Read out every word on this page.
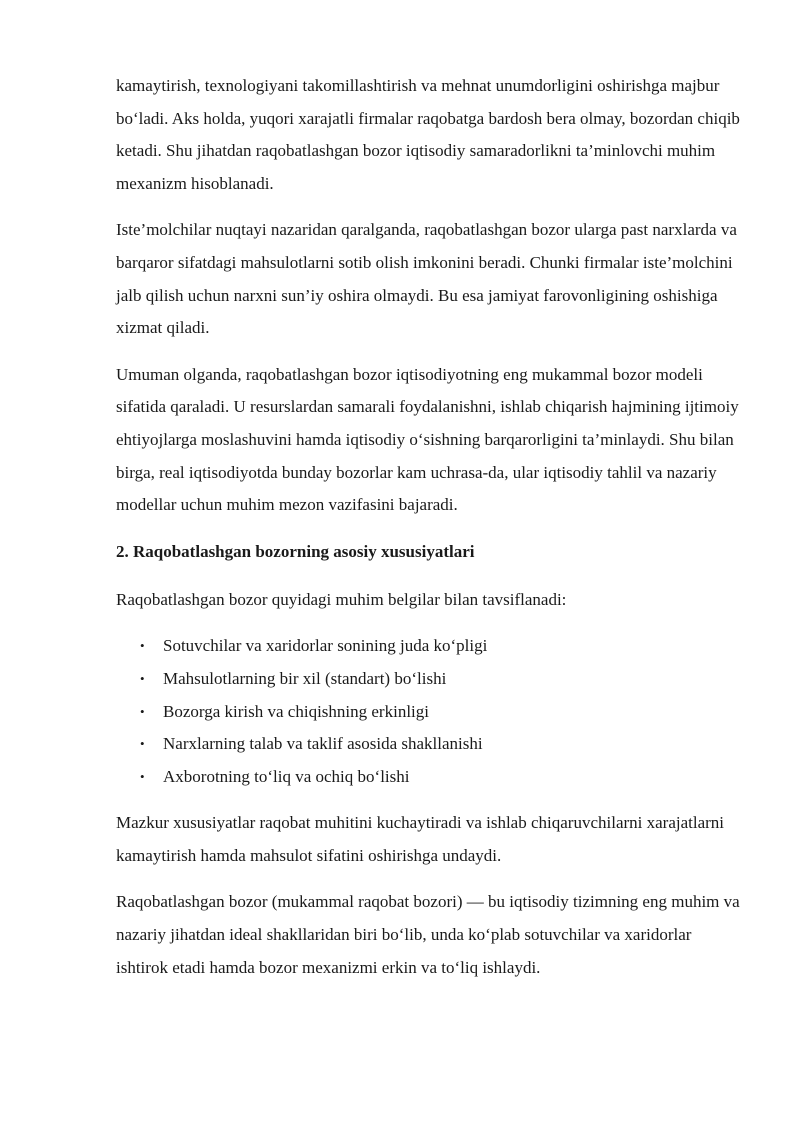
kamaytirish, texnologiyani takomillashtirish va mehnat unumdorligini oshirishga majbur bo‘ladi. Aks holda, yuqori xarajatli firmalar raqobatga bardosh bera olmay, bozordan chiqib ketadi. Shu jihatdan raqobatlashgan bozor iqtisodiy samaradorlikni ta’minlovchi muhim mexanizm hisoblanadi.

Iste’molchilar nuqtayi nazaridan qaralganda, raqobatlashgan bozor ularga past narxlarda va barqaror sifatdagi mahsulotlarni sotib olish imkonini beradi. Chunki firmalar iste’molchini jalb qilish uchun narxni sun’iy oshira olmaydi. Bu esa jamiyat farovonligining oshishiga xizmat qiladi.

Umuman olganda, raqobatlashgan bozor iqtisodiyotning eng mukammal bozor modeli sifatida qaraladi. U resurslardan samarali foydalanishni, ishlab chiqarish hajmining ijtimoiy ehtiyojlarga moslashuvini hamda iqtisodiy o‘sishning barqarorligini ta’minlaydi. Shu bilan birga, real iqtisodiyotda bunday bozorlar kam uchrasa-da, ular iqtisodiy tahlil va nazariy modellar uchun muhim mezon vazifasini bajaradi.

2. Raqobatlashgan bozorning asosiy xususiyatlari

Raqobatlashgan bozor quyidagi muhim belgilar bilan tavsiflanadi:

• Sotuvchilar va xaridorlar sonining juda ko‘pligi
• Mahsulotlarning bir xil (standart) bo‘lishi
• Bozorga kirish va chiqishning erkinligi
• Narxlarning talab va taklif asosida shakllanishi
• Axborotning to‘liq va ochiq bo‘lishi

Mazkur xususiyatlar raqobat muhitini kuchaytiradi va ishlab chiqaruvchilarni xarajatlarni kamaytirish hamda mahsulot sifatini oshirishga undaydi.

Raqobatlashgan bozor (mukammal raqobat bozori) — bu iqtisodiy tizimning eng muhim va nazariy jihatdan ideal shakllaridan biri bo‘lib, unda ko‘plab sotuvchilar va xaridorlar ishtirok etadi hamda bozor mexanizmi erkin va to‘liq ishlaydi.
